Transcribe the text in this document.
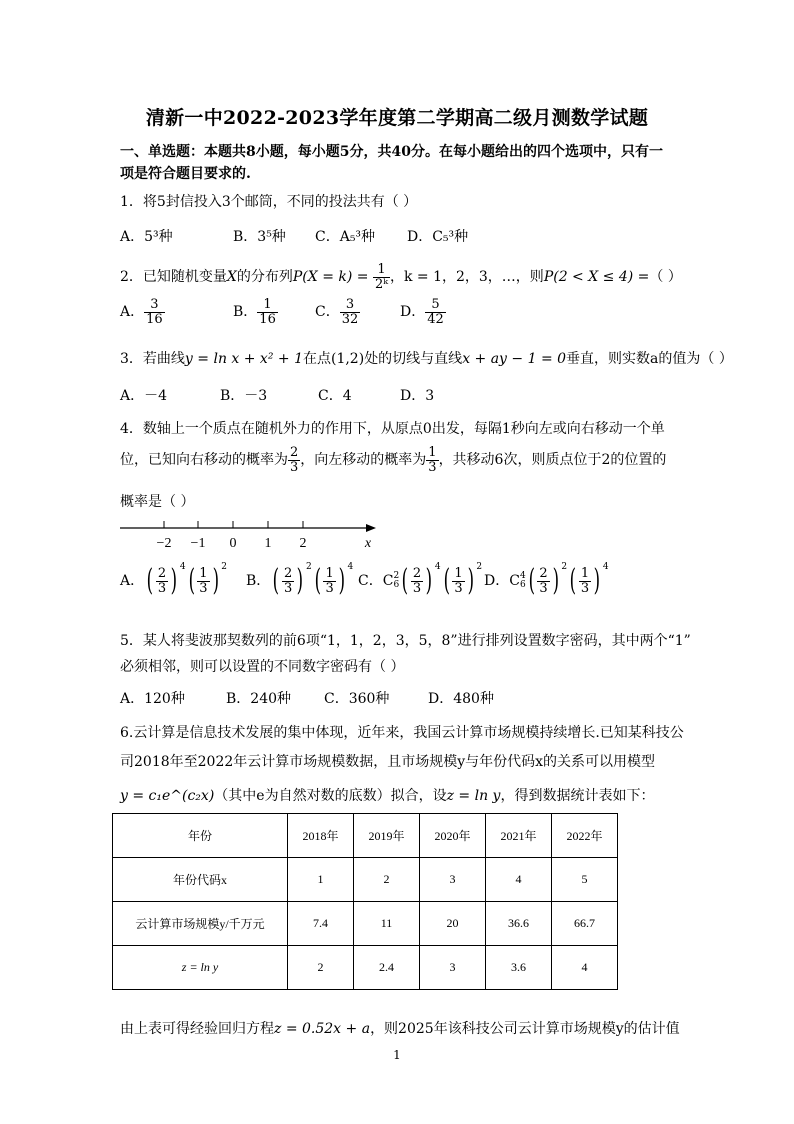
清新一中2022-2023学年度第二学期高二级月测数学试题
一、单选题：本题共8小题，每小题5分，共40分。在每小题给出的四个选项中，只有一
项是符合题目要求的.
1．将5封信投入3个邮筒，不同的投法共有（ ）
A．5³种	B．3⁵种 C．A₅³种 D．C₅³种
2．已知随机变量X的分布列$P(X = k) = \frac{1}{\text{2ᵏ}}$ ，k = 1，2，3，…，则P(2 < X ≤ 4) =（ ）
A． $\frac{3}{16}$	B． $\frac{1}{16}$	C． $\frac{3}{32}$	D． $\frac{5}{42}$
3．若曲线y = ln x + x² + 1在点(1,2)处的切线与直线x + ay − 1 = 0垂直，则实数a的值为（ ）
A．－4	B．－3	C．4	D．3
4．数轴上一个质点在随机外力的作用下，从原点0出发，每隔1秒向左或向右移动一个单
位，已知向右移动的概率为 $\frac{2}{3}$ ，向左移动的概率为 $\frac{1}{3}$ ，共移动6次，则质点位于2的位置的
概率是（ ）
−2 −1 0 1 2	x
A．( $\frac{2}{3}$ ) $^4( \frac{1}{3}$ ) $^2$
B．( $\frac{2}{3}$ ) $^2( \frac{1}{3}$ ) $^4$
C．C 2
6 ( $\frac{2}{3}$ ) $^4( \frac{1}{3}$ ) $^2$
D．C 4
6 ( $\frac{2}{3}$ ) $^2( \frac{1}{3}$ ) $^4$
5．某人将斐波那契数列的前6项“1，1，2，3，5，8”进行排列设置数字密码，其中两个“1”
必须相邻，则可以设置的不同数字密码有（ ）
A．120种	B．240种 C．360种	D．480种
6.云计算是信息技术发展的集中体现，近年来，我国云计算市场规模持续增长.已知某科技公
司2018年至2022年云计算市场规模数据，且市场规模y与年份代码x的关系可以用模型
y = c₁e^(c₂x)（其中e为自然对数的底数）拟合，设z = ln y，得到数据统计表如下：
年份	2018年	2019年	2020年	2021年	2022年
年份代码x	1	2	3	4	5
云计算市场规模y/千万元	7.4	11	20	36.6	66.7
z = ln y	2	2.4	3	3.6	4
由上表可得经验回归方程z = 0.52x + a，则2025年该科技公司云计算市场规模y的估计值
1
